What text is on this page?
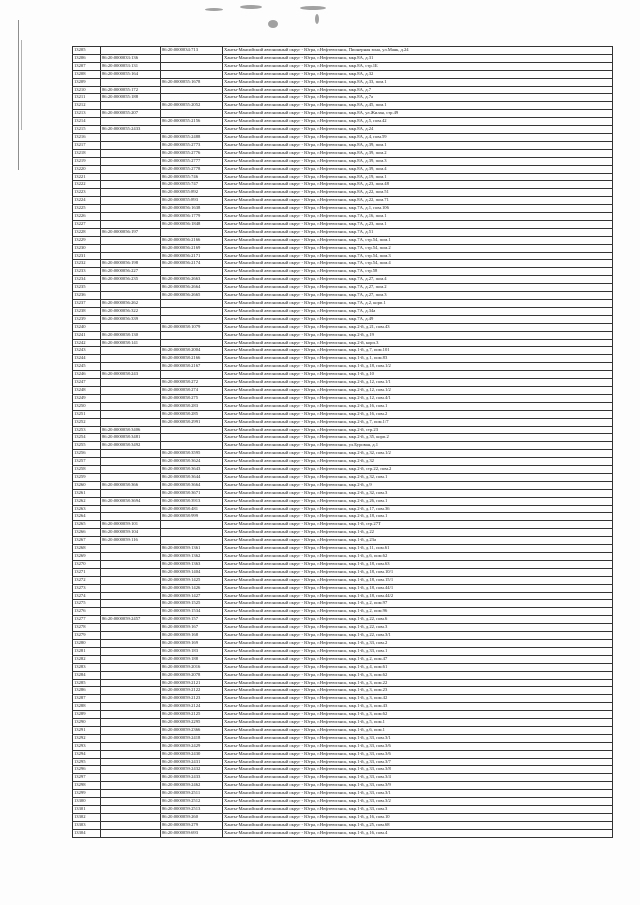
13205		86:20:0000034:713	Ханты-Мансийский автономный округ - Югра, г.Нефтеюганск, Пионерная зона, ул.Маяк, д.24
13206	86:20:0000033:136		Ханты-Мансийский автономный округ - Югра, г.Нефтеюганск, мкр.8А, д.31
13207	86:20:0000053:131		Ханты-Мансийский автономный округ - Югра, г.Нефтеюганск, мкр.8А, стр.1Б
13208	86:20:0000055:164		Ханты-Мансийский автономный округ - Югра, г.Нефтеюганск, мкр.8А, д.32
13209		86:20:0000055:1678	Ханты-Мансийский автономный округ - Югра, г.Нефтеюганск, мкр.8А, д.33, пом.1
13210	86:20:0000055:172		Ханты-Мансийский автономный округ - Югра, г.Нефтеюганск, мкр.8А, д.7
13211	86:20:0000055:188		Ханты-Мансийский автономный округ - Югра, г.Нефтеюганск, мкр.8А, д.7а
13212		86:20:0000055:2052	Ханты-Мансийский автономный округ - Югра, г.Нефтеюганск, мкр.8А, д.45, пом.1
13213	86:20:0000055:207		Ханты-Мансийский автономный округ - Югра, г.Нефтеюганск, мкр.8А, ул.Жилая, стр.49
13214		86:20:0000055:2156	Ханты-Мансийский автономный округ - Югра, г.Нефтеюганск, мкр.8А, д.5, пом.42
13215	86:20:0000055:2433		Ханты-Мансийский автономный округ - Югра, г.Нефтеюганск, мкр.8А, д.24
13216		86:20:0000055:2488	Ханты-Мансийский автономный округ - Югра, г.Нефтеюганск, мкр.8А, д.4, пом.59
13217		86:20:0000055:2773	Ханты-Мансийский автономный округ - Югра, г.Нефтеюганск, мкр.8А, д.39, пом.1
13218		86:20:0000055:2776	Ханты-Мансийский автономный округ - Югра, г.Нефтеюганск, мкр.8А, д.39, пом.2
13219		86:20:0000055:2777	Ханты-Мансийский автономный округ - Югра, г.Нефтеюганск, мкр.8А, д.39, пом.3
13220		86:20:0000055:2778	Ханты-Мансийский автономный округ - Югра, г.Нефтеюганск, мкр.8А, д.39, пом.4
13221		86:20:0000055:746	Ханты-Мансийский автономный округ - Югра, г.Нефтеюганск, мкр.8А, д.19, пом.1
13222		86:20:0000055:747	Ханты-Мансийский автономный округ - Югра, г.Нефтеюганск, мкр.8А, д.23, пом.48
13223		86:20:0000055:892	Ханты-Мансийский автономный округ - Югра, г.Нефтеюганск, мкр.8А, д.22, пом.51
13224		86:20:0000055:893	Ханты-Мансийский автономный округ - Югра, г.Нефтеюганск, мкр.8А, д.22, пом.71
13225		86:20:0000056:1638	Ханты-Мансийский автономный округ - Югра, г.Нефтеюганск, мкр.7А, д.1, пом.106
13226		86:20:0000056:1779	Ханты-Мансийский автономный округ - Югра, г.Нефтеюганск, мкр.7А, д.16, пом.1
13227		86:20:0000056:1848	Ханты-Мансийский автономный округ - Югра, г.Нефтеюганск, мкр.7А, д.23, пом.1
13228	86:20:0000056:197		Ханты-Мансийский автономный округ - Югра, г.Нефтеюганск, мкр.7А, д.51
13229		86:20:0000056:2166	Ханты-Мансийский автономный округ - Югра, г.Нефтеюганск, мкр.7А, стр.54, пом.1
13230		86:20:0000056:2169	Ханты-Мансийский автономный округ - Югра, г.Нефтеюганск, мкр.7А, стр.54, пом.2
13231		86:20:0000056:2171	Ханты-Мансийский автономный округ - Югра, г.Нефтеюганск, мкр.7А, стр.54, пом.3
13232	86:20:0000056:198	86:20:0000056:2174	Ханты-Мансийский автономный округ - Югра, г.Нефтеюганск, мкр.7А, стр.54, пом.4
13233	86:20:0000056:227		Ханты-Мансийский автономный округ - Югра, г.Нефтеюганск, мкр.7А, стр.58
13234	86:20:0000056:235	86:20:0000056:2663	Ханты-Мансийский автономный округ - Югра, г.Нефтеюганск, мкр.7А, д.27, пом.4
13235		86:20:0000056:2664	Ханты-Мансийский автономный округ - Югра, г.Нефтеюганск, мкр.7А, д.27, пом.2
13236		86:20:0000056:2665	Ханты-Мансийский автономный округ - Югра, г.Нефтеюганск, мкр.7А, д.27, пом.3
13237	86:20:0000056:262		Ханты-Мансийский автономный округ - Югра, г.Нефтеюганск, мкр.7А, д.2, корп.1
13238	86:20:0000056:322		Ханты-Мансийский автономный округ - Югра, г.Нефтеюганск, мкр.7А, д.34а
13239	86:20:0000056:339		Ханты-Мансийский автономный округ - Югра, г.Нефтеюганск, мкр.7А, д.49
13240		86:20:0000058:1079	Ханты-Мансийский автономный округ - Югра, г.Нефтеюганск, мкр.2-й, д.21, пом.43
13241	86:20:0000058:130		Ханты-Мансийский автономный округ - Югра, г.Нефтеюганск, мкр.2-й, д.19
13242	86:20:0000058:141		Ханты-Мансийский автономный округ - Югра, г.Нефтеюганск, мкр.2-й, корп.3
13243		86:20:0000058:2004	Ханты-Мансийский автономный округ - Югра, г.Нефтеюганск, мкр.1-й, д.7, пом.101
13244		86:20:0000058:2166	Ханты-Мансийский автономный округ - Югра, г.Нефтеюганск, мкр.1-й, д.1, пом.83
13245		86:20:0000058:2167	Ханты-Мансийский автономный округ - Югра, г.Нефтеюганск, мкр.1-й, д.18, пом.1/2
13246	86:20:0000058:243		Ханты-Мансийский автономный округ - Югра, г.Нефтеюганск, мкр.1-й, д.10
13247		86:20:0000058:272	Ханты-Мансийский автономный округ - Югра, г.Нефтеюганск, мкр.2-й, д.12, пом.1/1
13248		86:20:0000058:274	Ханты-Мансийский автономный округ - Югра, г.Нефтеюганск, мкр.2-й, д.12, пом.1/2
13249		86:20:0000058:275	Ханты-Мансийский автономный округ - Югра, г.Нефтеюганск, мкр.2-й, д.12, пом.4/1
13250		86:20:0000058:283	Ханты-Мансийский автономный округ - Югра, г.Нефтеюганск, мкр.2-й, д.16, пом.1
13251		86:20:0000058:285	Ханты-Мансийский автономный округ - Югра, г.Нефтеюганск, мкр.2-й, д.16, пом.2
13252		86:20:0000058:2991	Ханты-Мансийский автономный округ - Югра, г.Нефтеюганск, мкр.2-й, д.7, пом.1/7
13253	86:20:0000058:3406		Ханты-Мансийский автономный округ - Югра, г.Нефтеюганск, мкр.2-й, стр.23
13254	86:20:0000058:3481		Ханты-Мансийский автономный округ - Югра, г.Нефтеюганск, мкр.2-й, д.35, корп.2
13255	86:20:0000058:3492		Ханты-Мансийский автономный округ - Югра, г.Нефтеюганск, ул.Буровая, д.1
13256		86:20:0000058:3595	Ханты-Мансийский автономный округ - Югра, г.Нефтеюганск, мкр.2-й, д.32, пом.1/2
13257		86:20:0000058:3624	Ханты-Мансийский автономный округ - Югра, г.Нефтеюганск, мкр.2-й, д.32
13258		86:20:0000058:3643	Ханты-Мансийский автономный округ - Югра, г.Нефтеюганск, мкр.2-й, стр.22, пом.2
13259		86:20:0000058:3644	Ханты-Мансийский автономный округ - Югра, г.Нефтеюганск, мкр.2-й, д.32, пом.1
13260	86:20:0000058:366	86:20:0000058:3664	Ханты-Мансийский автономный округ - Югра, г.Нефтеюганск, мкр.2-й, д.9
13261		86:20:0000058:3671	Ханты-Мансийский автономный округ - Югра, г.Нефтеюганск, мкр.2-й, д.32, пом.3
13262	86:20:0000058:3694	86:20:0000058:3913	Ханты-Мансийский автономный округ - Югра, г.Нефтеюганск, мкр.2-й, д.26, пом.1
13263		86:20:0000058:481	Ханты-Мансийский автономный округ - Югра, г.Нефтеюганск, мкр.2-й, д.17, пом.36
13264		86:20:0000058:999	Ханты-Мансийский автономный округ - Югра, г.Нефтеюганск, мкр.2-й, д.18, пом.1
13265	86:20:0000059:101		Ханты-Мансийский автономный округ - Югра, г.Нефтеюганск, мкр.1-й, стр.27Т
13266	86:20:0000059:104		Ханты-Мансийский автономный округ - Югра, г.Нефтеюганск, мкр.1-й, д.22
13267	86:20:0000059:116		Ханты-Мансийский автономный округ - Югра, г.Нефтеюганск, мкр.1-й, д.23а
13268		86:20:0000059:1361	Ханты-Мансийский автономный округ - Югра, г.Нефтеюганск, мкр.1-й, д.11, пом.61
13269		86:20:0000059:1362	Ханты-Мансийский автономный округ - Югра, г.Нефтеюганск, мкр.1-й, д.6, пом.62
13270		86:20:0000059:1363	Ханты-Мансийский автономный округ - Югра, г.Нефтеюганск, мкр.1-й, д.18, пом.63
13271		86:20:0000059:1404	Ханты-Мансийский автономный округ - Югра, г.Нефтеюганск, мкр.1-й, д.18, пом.10/1
13272		86:20:0000059:1425	Ханты-Мансийский автономный округ - Югра, г.Нефтеюганск, мкр.1-й, д.18, пом.15/1
13273		86:20:0000059:1426	Ханты-Мансийский автономный округ - Югра, г.Нефтеюганск, мкр.1-й, д.18, пом.44/1
13274		86:20:0000059:1427	Ханты-Мансийский автономный округ - Югра, г.Нефтеюганск, мкр.1-й, д.18, пом.44/2
13275		86:20:0000059:1525	Ханты-Мансийский автономный округ - Югра, г.Нефтеюганск, мкр.1-й, д.2, пом.97
13276		86:20:0000059:1534	Ханты-Мансийский автономный округ - Югра, г.Нефтеюганск, мкр.1-й, д.2, пом.96
13277	86:20:0000059:2457	86:20:0000059:157	Ханты-Мансийский автономный округ - Югра, г.Нефтеюганск, мкр.1-й, д.22, пом.6
13278		86:20:0000059:167	Ханты-Мансийский автономный округ - Югра, г.Нефтеюганск, мкр.1-й, д.22, пом.3
13279		86:20:0000059:168	Ханты-Мансийский автономный округ - Югра, г.Нефтеюганск, мкр.1-й, д.22, пом.3/1
13280		86:20:0000059:169	Ханты-Мансийский автономный округ - Югра, г.Нефтеюганск, мкр.1-й, д.33, пом.2
13281		86:20:0000059:183	Ханты-Мансийский автономный округ - Югра, г.Нефтеюганск, мкр.1-й, д.33, пом.1
13282		86:20:0000059:188	Ханты-Мансийский автономный округ - Югра, г.Нефтеюганск, мкр.1-й, д.2, пом.47
13283		86:20:0000059:2016	Ханты-Мансийский автономный округ - Югра, г.Нефтеюганск, мкр.1-й, д.4, пом.61
13284		86:20:0000059:2078	Ханты-Мансийский автономный округ - Югра, г.Нефтеюганск, мкр.1-й, д.3, пом.62
13285		86:20:0000059:2121	Ханты-Мансийский автономный округ - Югра, г.Нефтеюганск, мкр.1-й, д.3, пом.22
13286		86:20:0000059:2122	Ханты-Мансийский автономный округ - Югра, г.Нефтеюганск, мкр.1-й, д.3, пом.23
13287		86:20:0000059:2123	Ханты-Мансийский автономный округ - Югра, г.Нефтеюганск, мкр.1-й, д.3, пом.42
13288		86:20:0000059:2124	Ханты-Мансийский автономный округ - Югра, г.Нефтеюганск, мкр.1-й, д.3, пом.43
13289		86:20:0000059:2125	Ханты-Мансийский автономный округ - Югра, г.Нефтеюганск, мкр.1-й, д.3, пом.62
13290		86:20:0000059:2295	Ханты-Мансийский автономный округ - Югра, г.Нефтеюганск, мкр.1-й, д.5, пом.1
13291		86:20:0000059:2366	Ханты-Мансийский автономный округ - Югра, г.Нефтеюганск, мкр.1-й, д.6, пом.1
13292		86:20:0000059:2418	Ханты-Мансийский автономный округ - Югра, г.Нефтеюганск, мкр.1-й, д.33, пом.3/1
13293		86:20:0000059:2429	Ханты-Мансийский автономный округ - Югра, г.Нефтеюганск, мкр.1-й, д.33, пом.3/6
13294		86:20:0000059:2430	Ханты-Мансийский автономный округ - Югра, г.Нефтеюганск, мкр.1-й, д.33, пом.3/6
13295		86:20:0000059:2431	Ханты-Мансийский автономный округ - Югра, г.Нефтеюганск, мкр.1-й, д.33, пом.3/7
13296		86:20:0000059:2432	Ханты-Мансийский автономный округ - Югра, г.Нефтеюганск, мкр.1-й, д.33, пом.3/8
13297		86:20:0000059:2433	Ханты-Мансийский автономный округ - Югра, г.Нефтеюганск, мкр.1-й, д.33, пом.3/4
13298		86:20:0000059:2462	Ханты-Мансийский автономный округ - Югра, г.Нефтеюганск, мкр.1-й, д.33, пом.3/9
13299		86:20:0000059:2511	Ханты-Мансийский автономный округ - Югра, г.Нефтеюганск, мкр.1-й, д.33, пом.3/1
13300		86:20:0000059:2512	Ханты-Мансийский автономный округ - Югра, г.Нефтеюганск, мкр.1-й, д.33, пом.3/2
13301		86:20:0000059:2513	Ханты-Мансийский автономный округ - Югра, г.Нефтеюганск, мкр.1-й, д.33, пом.3
13302		86:20:0000059:260	Ханты-Мансийский автономный округ - Югра, г.Нефтеюганск, мкр.1-й, д.16, пом.10
13303		86:20:0000059:279	Ханты-Мансийский автономный округ - Югра, г.Нефтеюганск, мкр.1-й, д.25, пом.68
13304		86:20:0000059:693	Ханты-Мансийский автономный округ - Югра, г.Нефтеюганск, мкр.1-й, д.16, пом.4
